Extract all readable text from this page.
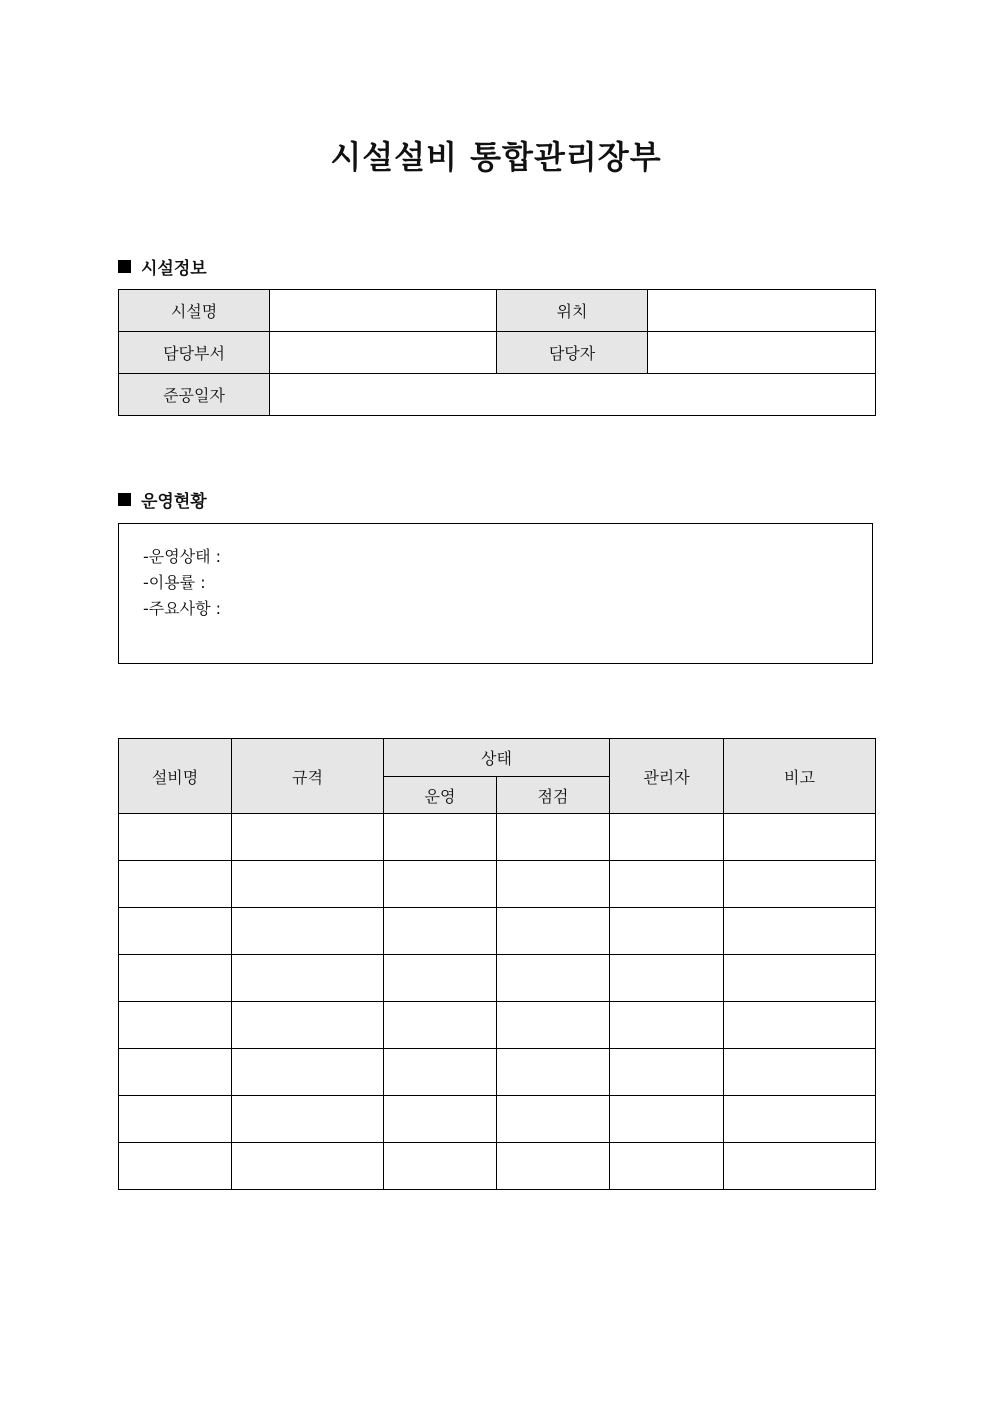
시설설비 통합관리장부
시설정보
시설명		위치	
담당부서		담당자	
준공일자			
운영현황
-운영상태 :
-이용률 :
-주요사항 :
설비명	규격	상태		관리자	비고
		운영	점검		
